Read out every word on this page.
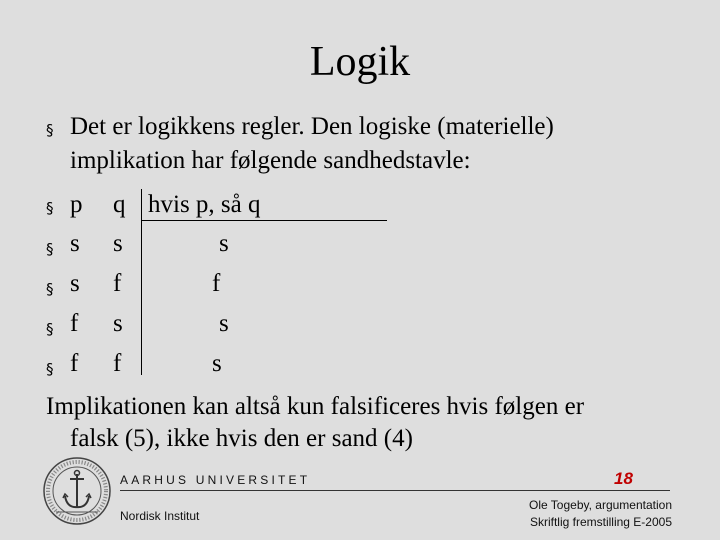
Logik
§ Det er logikkens regler. Den logiske (materielle)
implikation har følgende sandhedstavle:
§ p q hvis p, så q
§ s s	s
§ s f	f
§ f s	s
§ f f	s
Implikationen kan altså kun falsificeres hvis følgen er
falsk (5), ikke hvis den er sand (4)
AARHUS UNIVERSITET	18
Nordisk Institut
Ole Togeby, argumentation
Skriftlig fremstilling E-2005
